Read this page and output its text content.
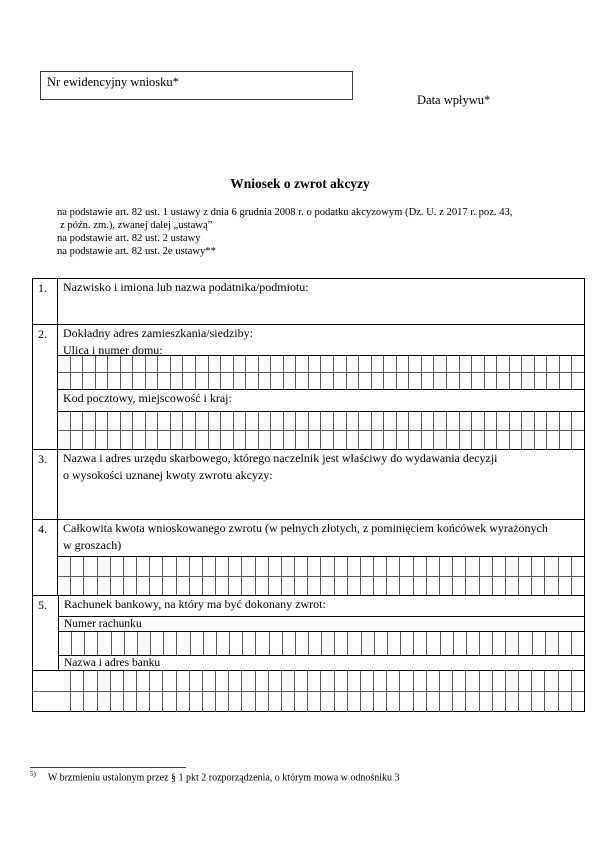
Nr ewidencyjny wniosku*
Data wpływu*
Wniosek o zwrot akcyzy
na podstawie art. 82 ust. 1 ustawy z dnia 6 grudnia 2008 r. o podatku akcyzowym (Dz. U. z 2017 r. poz. 43,
z późn. zm.), zwanej dalej „ustawą”
na podstawie art. 82 ust. 2 ustawy
na podstawie art. 82 ust. 2e ustawy**
1.	Nazwisko i imiona lub nazwa podatnika/podmiotu:
2.	Dokładny adres zamieszkania/siedziby:
Ulica i numer domu:
Kod pocztowy, miejscowość i kraj:
3.	Nazwa i adres urzędu skarbowego, którego naczelnik jest właściwy do wydawania decyzji
o wysokości uznanej kwoty zwrotu akcyzy:
4.	Całkowita kwota wnioskowanego zwrotu (w pełnych złotych, z pominięciem końcówek wyrażonych
w groszach)
5.	Rachunek bankowy, na który ma być dokonany zwrot:
Numer rachunku
Nazwa i adres banku
$^{5)}$ W brzmieniu ustalonym przez § 1 pkt 2 rozporządzenia, o którym mowa w odnośniku 3
